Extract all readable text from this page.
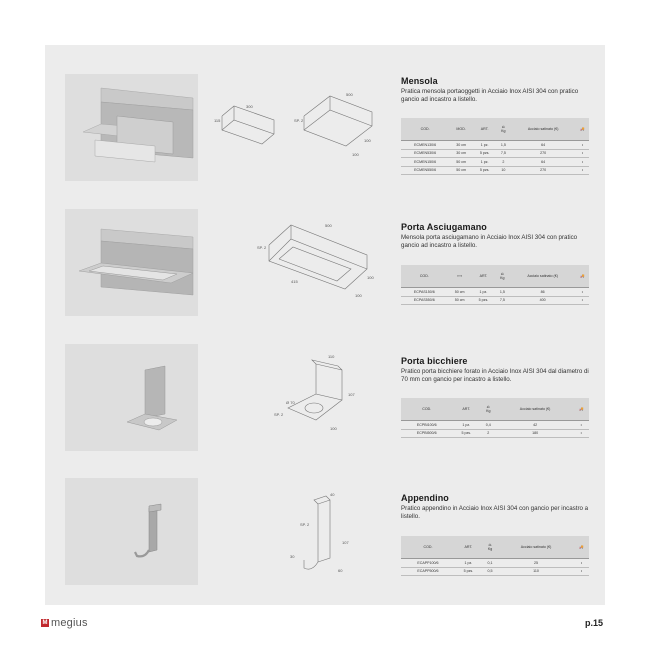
300
115	SP. 2
100
100
500
500
SP. 2
415
100
100
110
Ø 70
SP. 2
107
100
40
SP. 2
107
30
60
Mensola

Pratica mensola portaoggetti in Acciaio Inox AISI 304 con pratico gancio ad incastro a listello.

COD.	MOD.	ART.	⚖
Kg	Acciaio satinato (€)	🚚
ECMEN130/6	30 cm	1 pz.	1,5	64	•
ECMEN530/6	30 cm	5 pzs.	7,5	270	•
ECMEN150/6	50 cm	1 pz.	2	64	•
ECMEN550/6	50 cm	5 pzs.	10	270	•
Porta Asciugamano

Mensola porta asciugamano in Acciaio Inox AISI 304 con pratico gancio ad incastro a listello.

COD.	⟺	ART.	⚖
Kg	Acciaio satinato (€)	🚚
ECPAS150/6	50 cm	1 pz.	1,5	86	•
ECPAS550/6	50 cm	5 pzs.	7,5	400	•
Porta bicchiere

Pratico porta bicchiere forato in Acciaio Inox AISI 304 dal diametro di 70 mm con gancio per incastro a listello.

COD.	ART.	⚖
Kg	Acciaio satinato (€)	🚚
ECPBI100/6	1 pz.	0,4	42	•
ECPBI500/6	5 pzs.	2	180	•
Appendino

Pratico appendino in Acciaio Inox AISI 304 con gancio per incastro a listello.

COD.	ART.	⚖
Kg	Acciaio satinato (€)	🚚
ECAPP100/6	1 pz.	0,1	25	•
ECAPP500/6	5 pzs.	0,5	110	•
M megius	p.15
